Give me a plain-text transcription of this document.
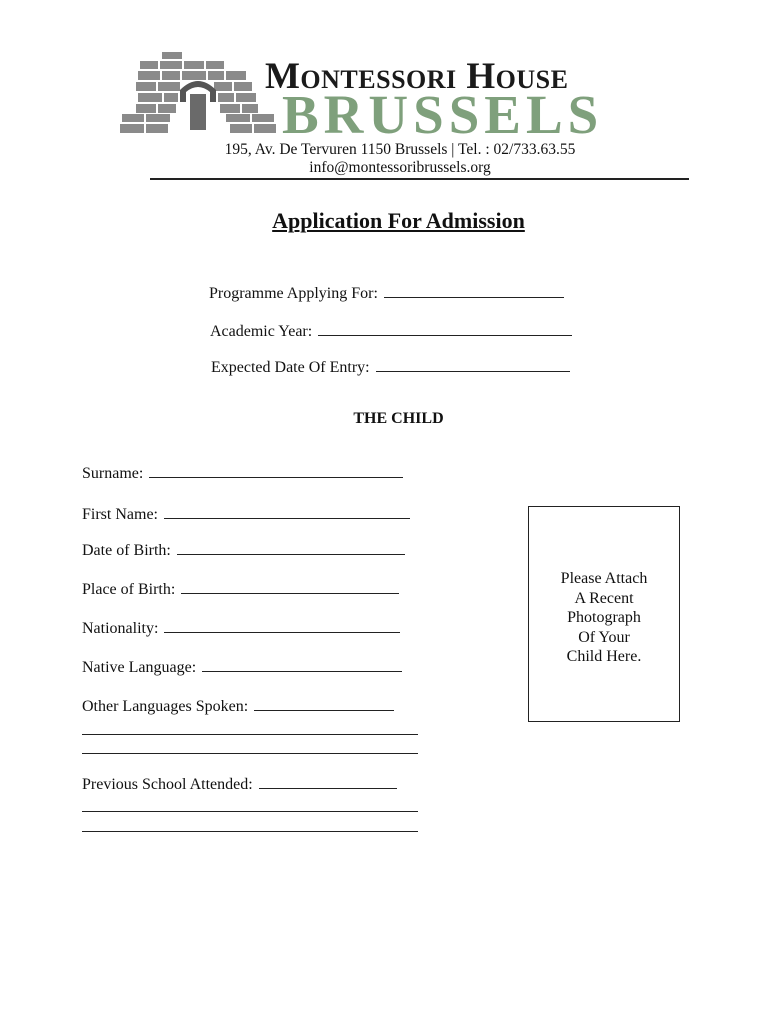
Montessori House
BRUSSELS
195, Av. De Tervuren 1150 Brussels | Tel. : 02/733.63.55
info@montessoribrussels.org
Application For Admission
Programme Applying For:
Academic Year:
Expected Date Of Entry:
THE CHILD
Surname:
First Name:
Date of Birth:
Place of Birth:
Nationality:
Native Language:
Other Languages Spoken:
Previous School Attended:
Please Attach
A Recent
Photograph
Of Your
Child Here.
